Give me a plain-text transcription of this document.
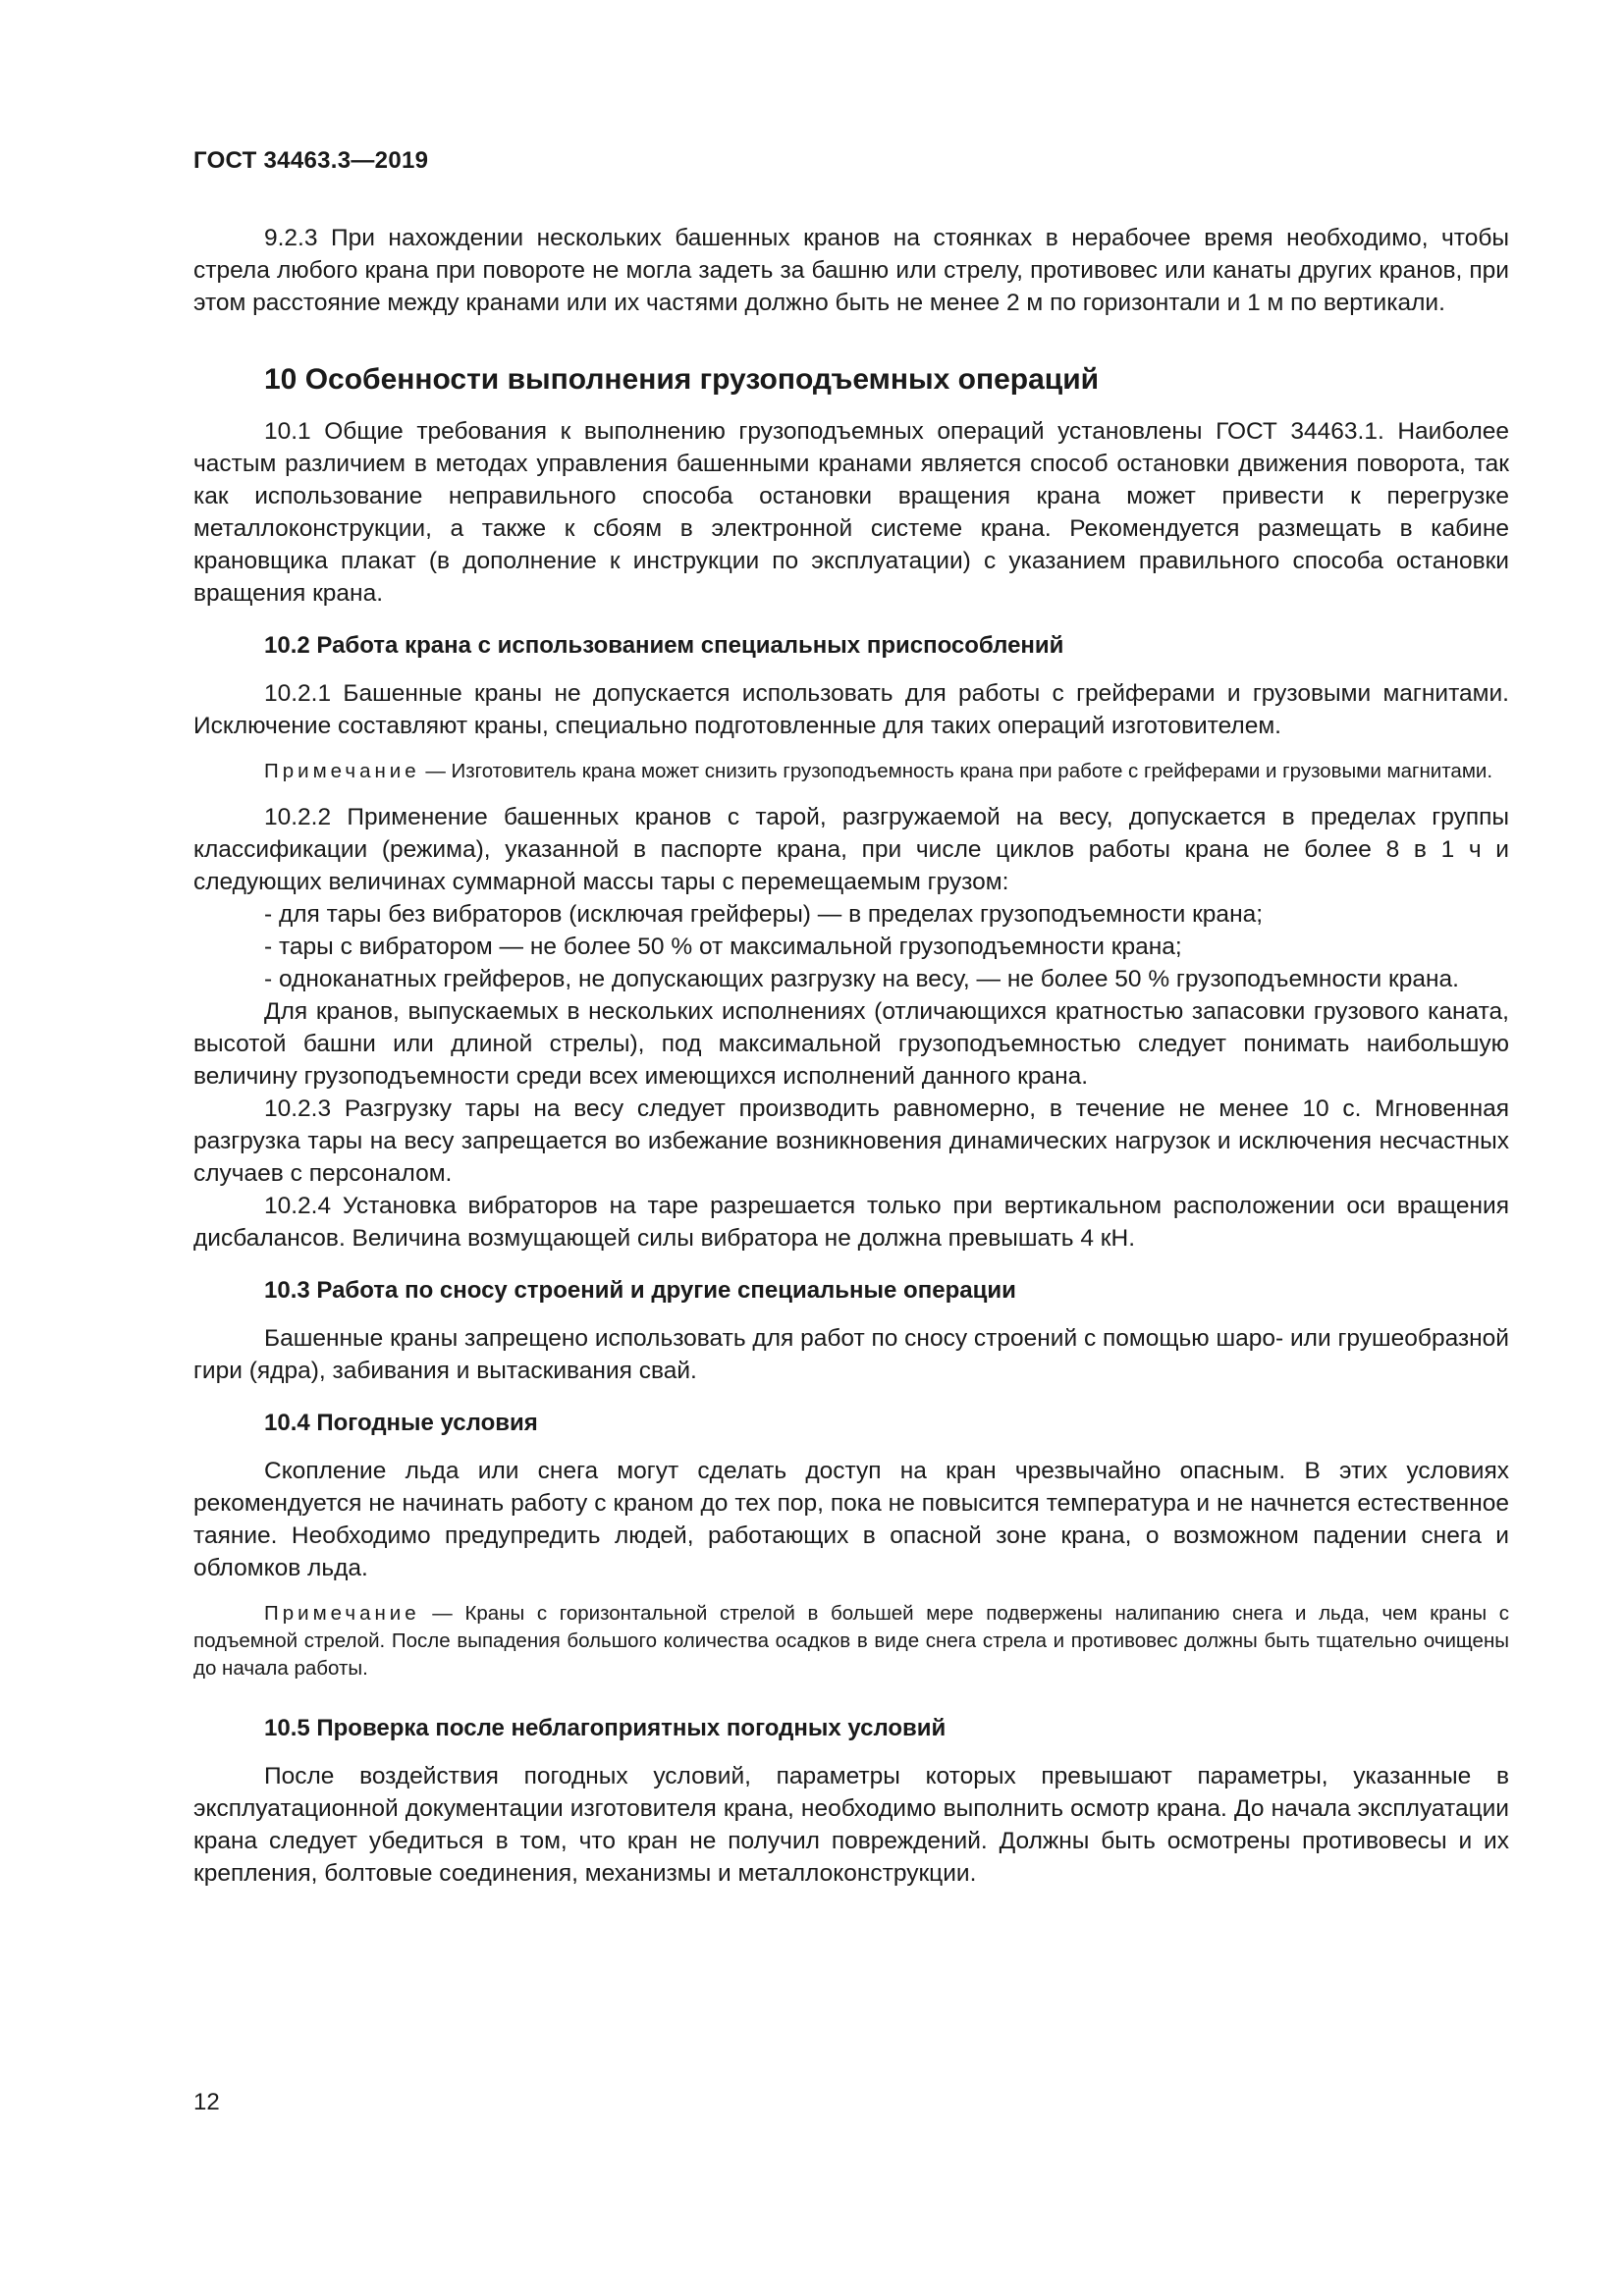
ГОСТ 34463.3—2019

9.2.3 При нахождении нескольких башенных кранов на стоянках в нерабочее время необходимо, чтобы стрела любого крана при повороте не могла задеть за башню или стрелу, противовес или канаты других кранов, при этом расстояние между кранами или их частями должно быть не менее 2 м по горизонтали и 1 м по вертикали.

10 Особенности выполнения грузоподъемных операций

10.1 Общие требования к выполнению грузоподъемных операций установлены ГОСТ 34463.1. Наиболее частым различием в методах управления башенными кранами является способ остановки движения поворота, так как использование неправильного способа остановки вращения крана может привести к перегрузке металлоконструкции, а также к сбоям в электронной системе крана. Рекомендуется размещать в кабине крановщика плакат (в дополнение к инструкции по эксплуатации) с указанием правильного способа остановки вращения крана.

10.2 Работа крана с использованием специальных приспособлений

10.2.1 Башенные краны не допускается использовать для работы с грейферами и грузовыми магнитами. Исключение составляют краны, специально подготовленные для таких операций изготовителем.

Примечание — Изготовитель крана может снизить грузоподъемность крана при работе с грейферами и грузовыми магнитами.

10.2.2 Применение башенных кранов с тарой, разгружаемой на весу, допускается в пределах группы классификации (режима), указанной в паспорте крана, при числе циклов работы крана не более 8 в 1 ч и следующих величинах суммарной массы тары с перемещаемым грузом:

- для тары без вибраторов (исключая грейферы) — в пределах грузоподъемности крана;

- тары с вибратором — не более 50 % от максимальной грузоподъемности крана;

- одноканатных грейферов, не допускающих разгрузку на весу, — не более 50 % грузоподъемности крана.

Для кранов, выпускаемых в нескольких исполнениях (отличающихся кратностью запасовки грузового каната, высотой башни или длиной стрелы), под максимальной грузоподъемностью следует понимать наибольшую величину грузоподъемности среди всех имеющихся исполнений данного крана.

10.2.3 Разгрузку тары на весу следует производить равномерно, в течение не менее 10 с. Мгновенная разгрузка тары на весу запрещается во избежание возникновения динамических нагрузок и исключения несчастных случаев с персоналом.

10.2.4 Установка вибраторов на таре разрешается только при вертикальном расположении оси вращения дисбалансов. Величина возмущающей силы вибратора не должна превышать 4 кН.

10.3 Работа по сносу строений и другие специальные операции

Башенные краны запрещено использовать для работ по сносу строений с помощью шаро- или грушеобразной гири (ядра), забивания и вытаскивания свай.

10.4 Погодные условия

Скопление льда или снега могут сделать доступ на кран чрезвычайно опасным. В этих условиях рекомендуется не начинать работу с краном до тех пор, пока не повысится температура и не начнется естественное таяние. Необходимо предупредить людей, работающих в опасной зоне крана, о возможном падении снега и обломков льда.

Примечание — Краны с горизонтальной стрелой в большей мере подвержены налипанию снега и льда, чем краны с подъемной стрелой. После выпадения большого количества осадков в виде снега стрела и противовес должны быть тщательно очищены до начала работы.
10.5 Проверка после неблагоприятных погодных условий

После воздействия погодных условий, параметры которых превышают параметры, указанные в эксплуатационной документации изготовителя крана, необходимо выполнить осмотр крана. До начала эксплуатации крана следует убедиться в том, что кран не получил повреждений. Должны быть осмотрены противовесы и их крепления, болтовые соединения, механизмы и металлоконструкции.

12
